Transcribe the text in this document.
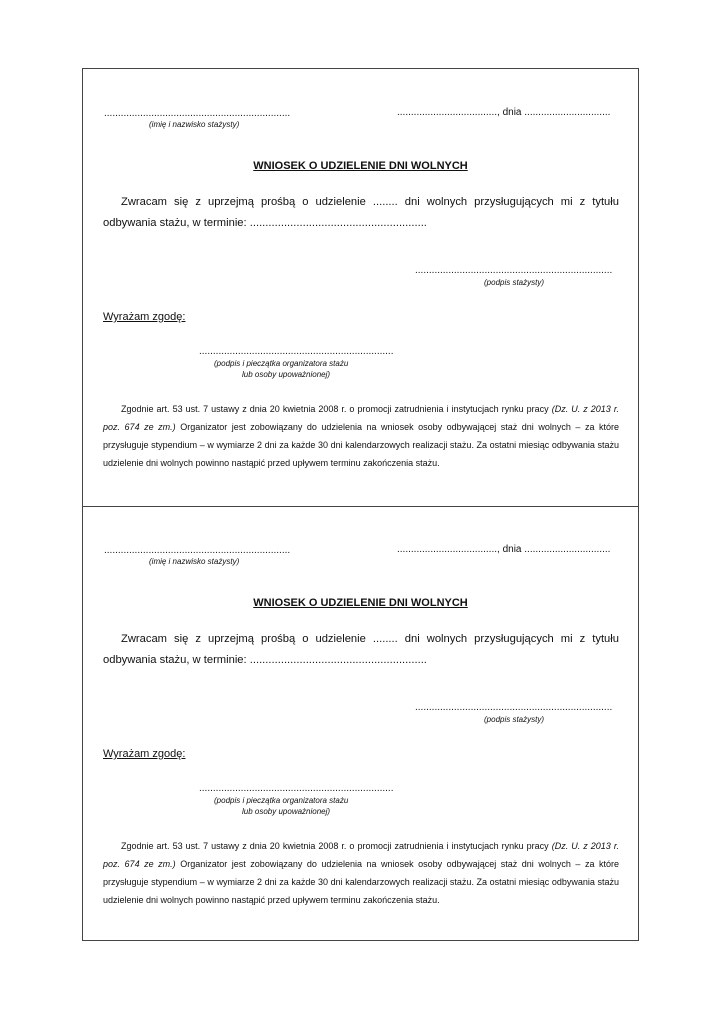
...................................................................
(imię i nazwisko stażysty)
...................................., dnia ...............................
WNIOSEK O UDZIELENIE DNI WOLNYCH
Zwracam się z uprzejmą prośbą o udzielenie ........ dni wolnych przysługujących mi z tytułu odbywania stażu, w terminie: .........................................................
.......................................................................
(podpis stażysty)
Wyrażam zgodę:
......................................................................
(podpis i pieczątka organizatora stażu
lub osoby upoważnionej)
Zgodnie art. 53 ust. 7 ustawy z dnia 20 kwietnia 2008 r. o promocji zatrudnienia i instytucjach rynku pracy (Dz. U. z 2013 r. poz. 674 ze zm.) Organizator jest zobowiązany do udzielenia na wniosek osoby odbywającej staż dni wolnych – za które przysługuje stypendium – w wymiarze 2 dni za każde 30 dni kalendarzowych realizacji stażu. Za ostatni miesiąc odbywania stażu udzielenie dni wolnych powinno nastąpić przed upływem terminu zakończenia stażu.
...................................................................
(imię i nazwisko stażysty)
...................................., dnia ...............................
WNIOSEK O UDZIELENIE DNI WOLNYCH
Zwracam się z uprzejmą prośbą o udzielenie ........ dni wolnych przysługujących mi z tytułu odbywania stażu, w terminie: .........................................................
.......................................................................
(podpis stażysty)
Wyrażam zgodę:
......................................................................
(podpis i pieczątka organizatora stażu
lub osoby upoważnionej)
Zgodnie art. 53 ust. 7 ustawy z dnia 20 kwietnia 2008 r. o promocji zatrudnienia i instytucjach rynku pracy (Dz. U. z 2013 r. poz. 674 ze zm.) Organizator jest zobowiązany do udzielenia na wniosek osoby odbywającej staż dni wolnych – za które przysługuje stypendium – w wymiarze 2 dni za każde 30 dni kalendarzowych realizacji stażu. Za ostatni miesiąc odbywania stażu udzielenie dni wolnych powinno nastąpić przed upływem terminu zakończenia stażu.
